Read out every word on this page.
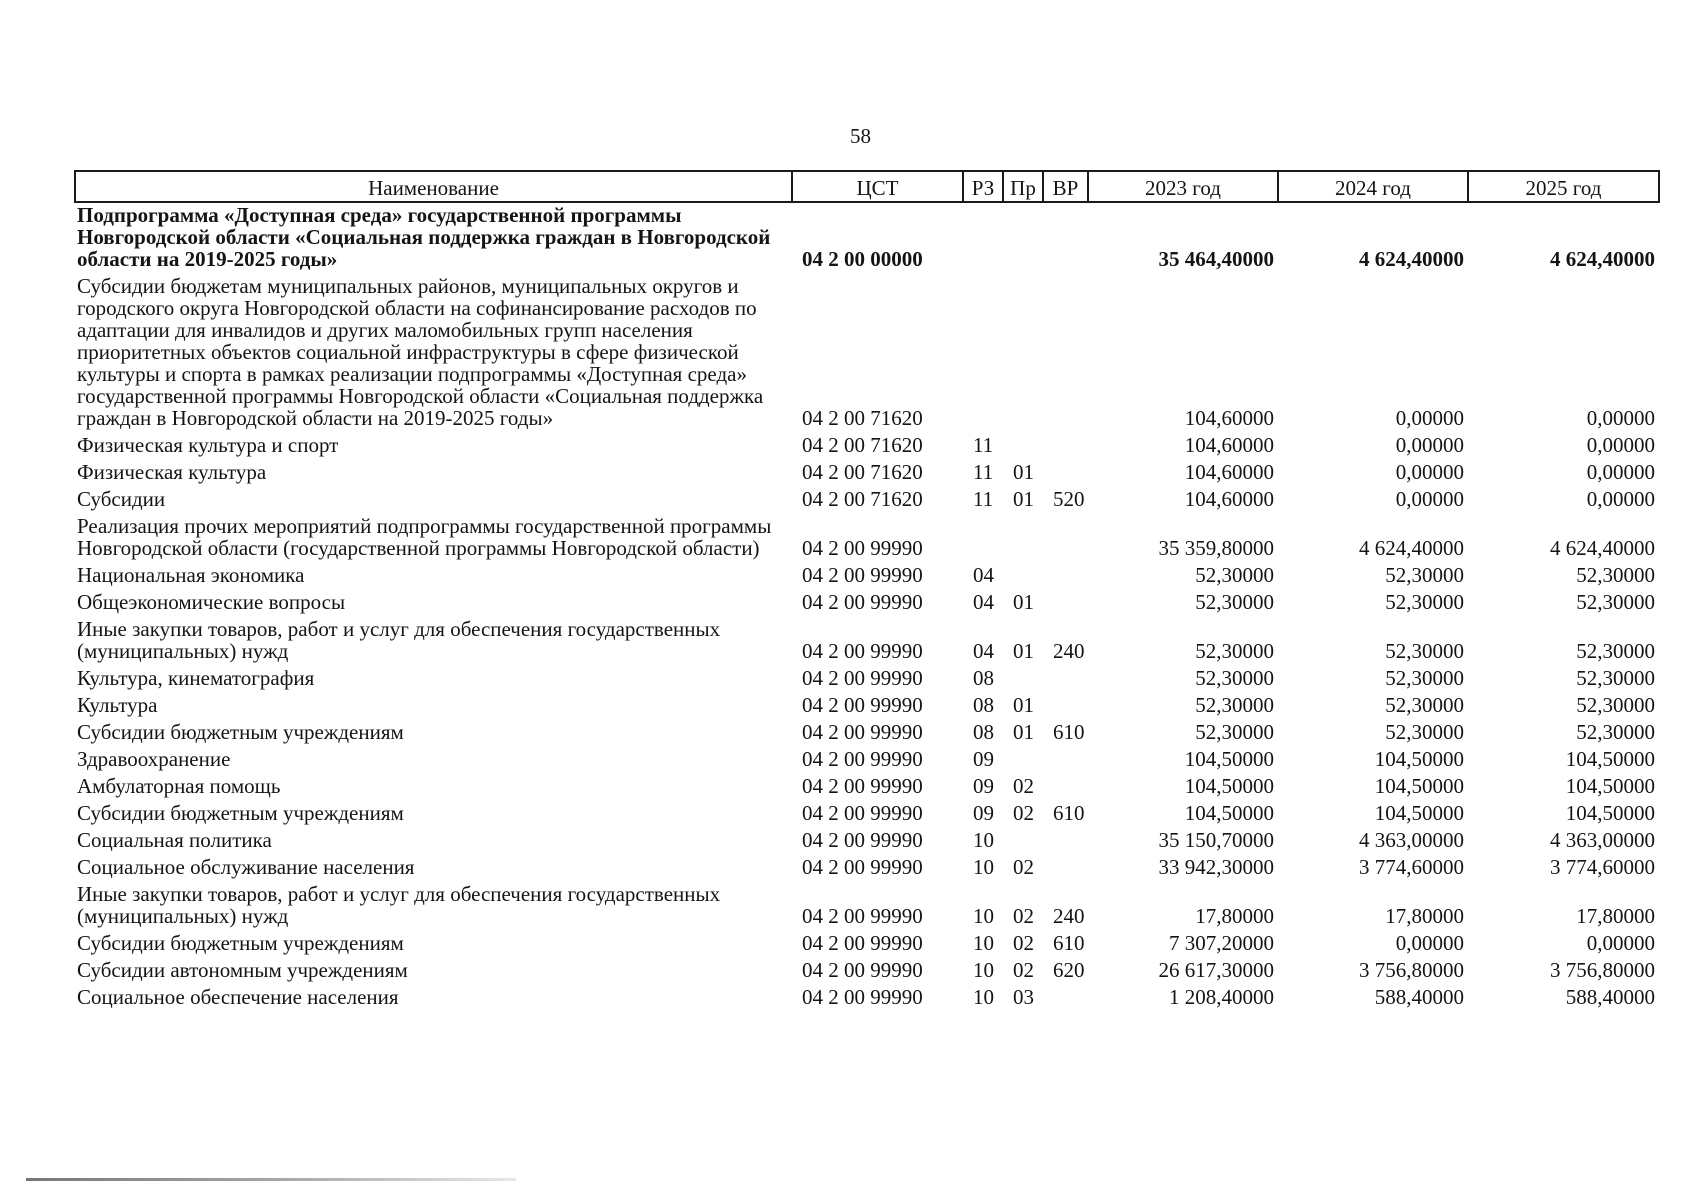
58
Наименование	ЦСТ	РЗ	Пр	ВР	2023 год	2024 год	2025 год
Подпрограмма «Доступная среда» государственной программы Новгородской области «Социальная поддержка граждан в Новгородской области на 2019-2025 годы»	04 2 00 00000				35 464,40000	4 624,40000	4 624,40000
Субсидии бюджетам муниципальных районов, муниципальных округов и городского округа Новгородской области на софинансирование расходов по адаптации для инвалидов и других маломобильных групп населения приоритетных объектов социальной инфраструктуры в сфере физической культуры и спорта в рамках реализации подпрограммы «Доступная среда» государственной программы Новгородской области «Социальная поддержка граждан в Новгородской области на 2019-2025 годы»	04 2 00 71620				104,60000	0,00000	0,00000
Физическая культура и спорт	04 2 00 71620	11			104,60000	0,00000	0,00000
Физическая культура	04 2 00 71620	11	01		104,60000	0,00000	0,00000
Субсидии	04 2 00 71620	11	01	520	104,60000	0,00000	0,00000
Реализация прочих мероприятий подпрограммы государственной программы Новгородской области (государственной программы Новгородской области)	04 2 00 99990				35 359,80000	4 624,40000	4 624,40000
Национальная экономика	04 2 00 99990	04			52,30000	52,30000	52,30000
Общеэкономические вопросы	04 2 00 99990	04	01		52,30000	52,30000	52,30000
Иные закупки товаров, работ и услуг для обеспечения государственных (муниципальных) нужд	04 2 00 99990	04	01	240	52,30000	52,30000	52,30000
Культура, кинематография	04 2 00 99990	08			52,30000	52,30000	52,30000
Культура	04 2 00 99990	08	01		52,30000	52,30000	52,30000
Субсидии бюджетным учреждениям	04 2 00 99990	08	01	610	52,30000	52,30000	52,30000
Здравоохранение	04 2 00 99990	09			104,50000	104,50000	104,50000
Амбулаторная помощь	04 2 00 99990	09	02		104,50000	104,50000	104,50000
Субсидии бюджетным учреждениям	04 2 00 99990	09	02	610	104,50000	104,50000	104,50000
Социальная политика	04 2 00 99990	10			35 150,70000	4 363,00000	4 363,00000
Социальное обслуживание населения	04 2 00 99990	10	02		33 942,30000	3 774,60000	3 774,60000
Иные закупки товаров, работ и услуг для обеспечения государственных (муниципальных) нужд	04 2 00 99990	10	02	240	17,80000	17,80000	17,80000
Субсидии бюджетным учреждениям	04 2 00 99990	10	02	610	7 307,20000	0,00000	0,00000
Субсидии автономным учреждениям	04 2 00 99990	10	02	620	26 617,30000	3 756,80000	3 756,80000
Социальное обеспечение населения	04 2 00 99990	10	03		1 208,40000	588,40000	588,40000
